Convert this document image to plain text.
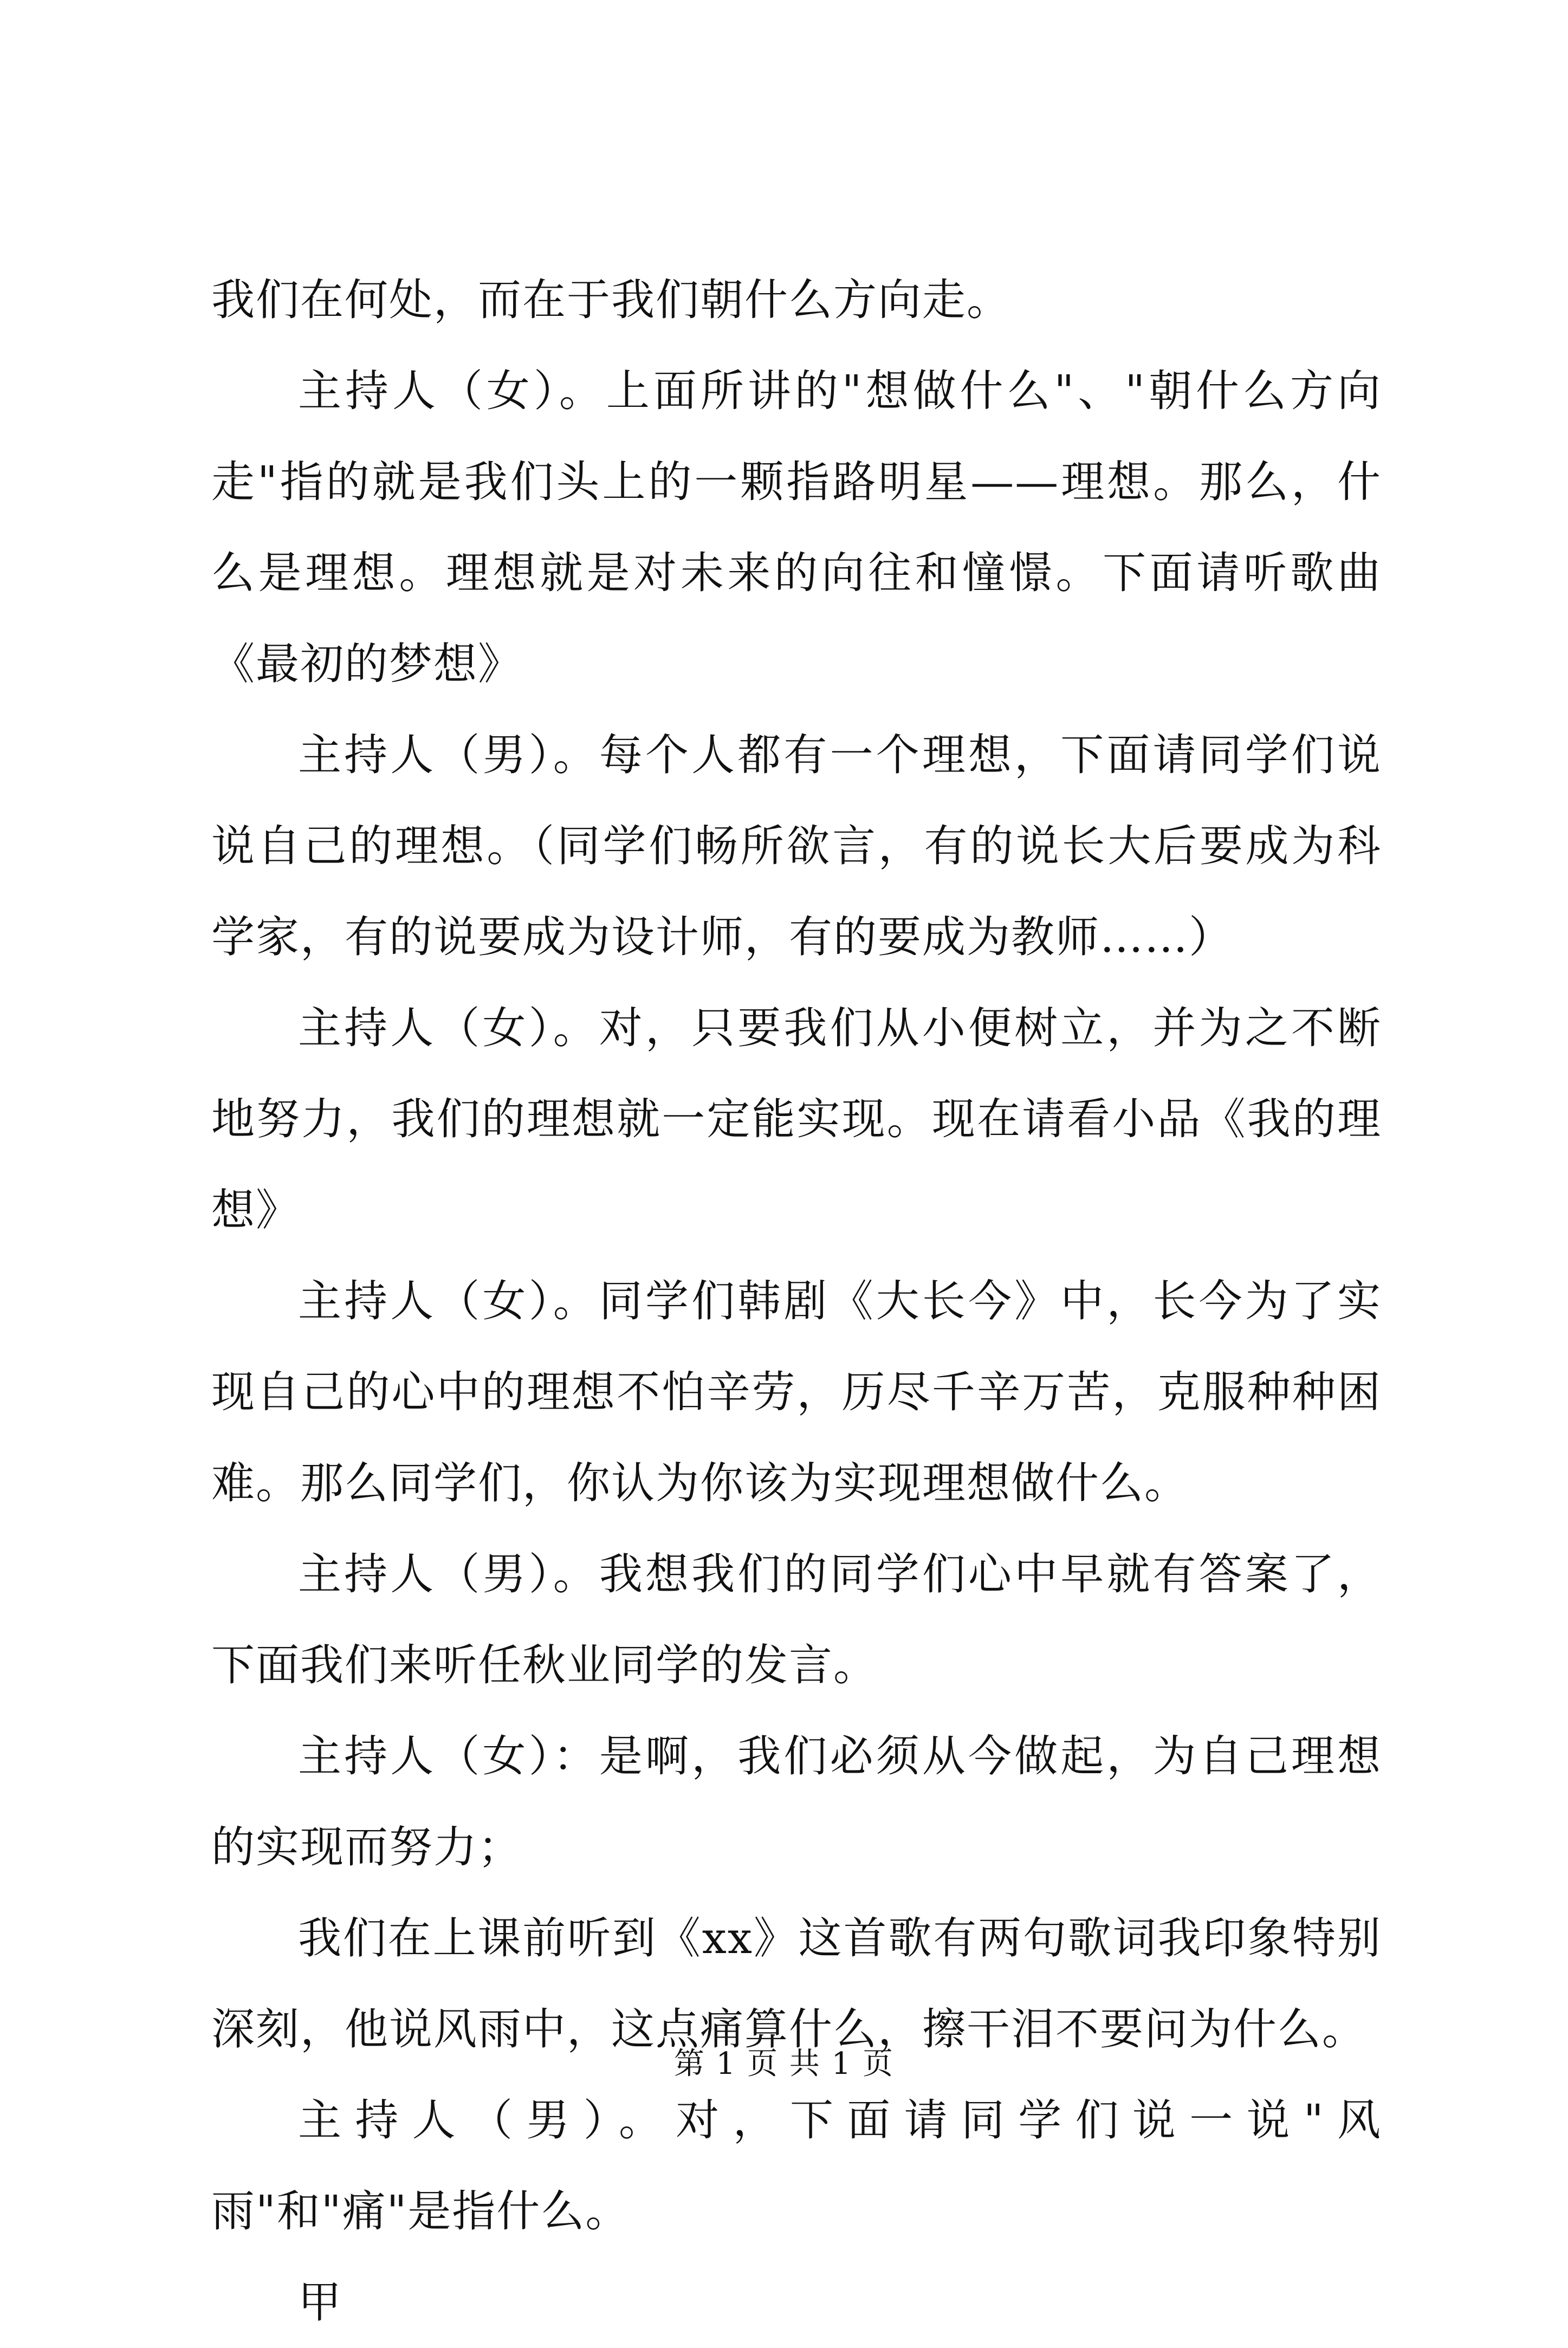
我们在何处，而在于我们朝什么方向走。

主持人（女）。上面所讲的"想做什么"、"朝什么方向走"指的就是我们头上的一颗指路明星——理想。那么，什么是理想。理想就是对未来的向往和憧憬。下面请听歌曲《最初的梦想》

主持人（男）。每个人都有一个理想，下面请同学们说说自己的理想。（同学们畅所欲言，有的说长大后要成为科学家，有的说要成为设计师，有的要成为教师……）

主持人（女）。对，只要我们从小便树立，并为之不断地努力，我们的理想就一定能实现。现在请看小品《我的理想》

主持人（女）。同学们韩剧《大长今》中，长今为了实现自己的心中的理想不怕辛劳，历尽千辛万苦，克服种种困难。那么同学们，你认为你该为实现理想做什么。

主持人（男）。我想我们的同学们心中早就有答案了，下面我们来听任秋业同学的发言。

主持人（女）：是啊，我们必须从今做起，为自己理想的实现而努力；

我们在上课前听到《xx》这首歌有两句歌词我印象特别深刻，他说风雨中，这点痛算什么，擦干泪不要问为什么。

主持人（男）。对，下面请同学们说一说"风雨"和"痛"是指什么。

甲

第 1 页 共 1 页
